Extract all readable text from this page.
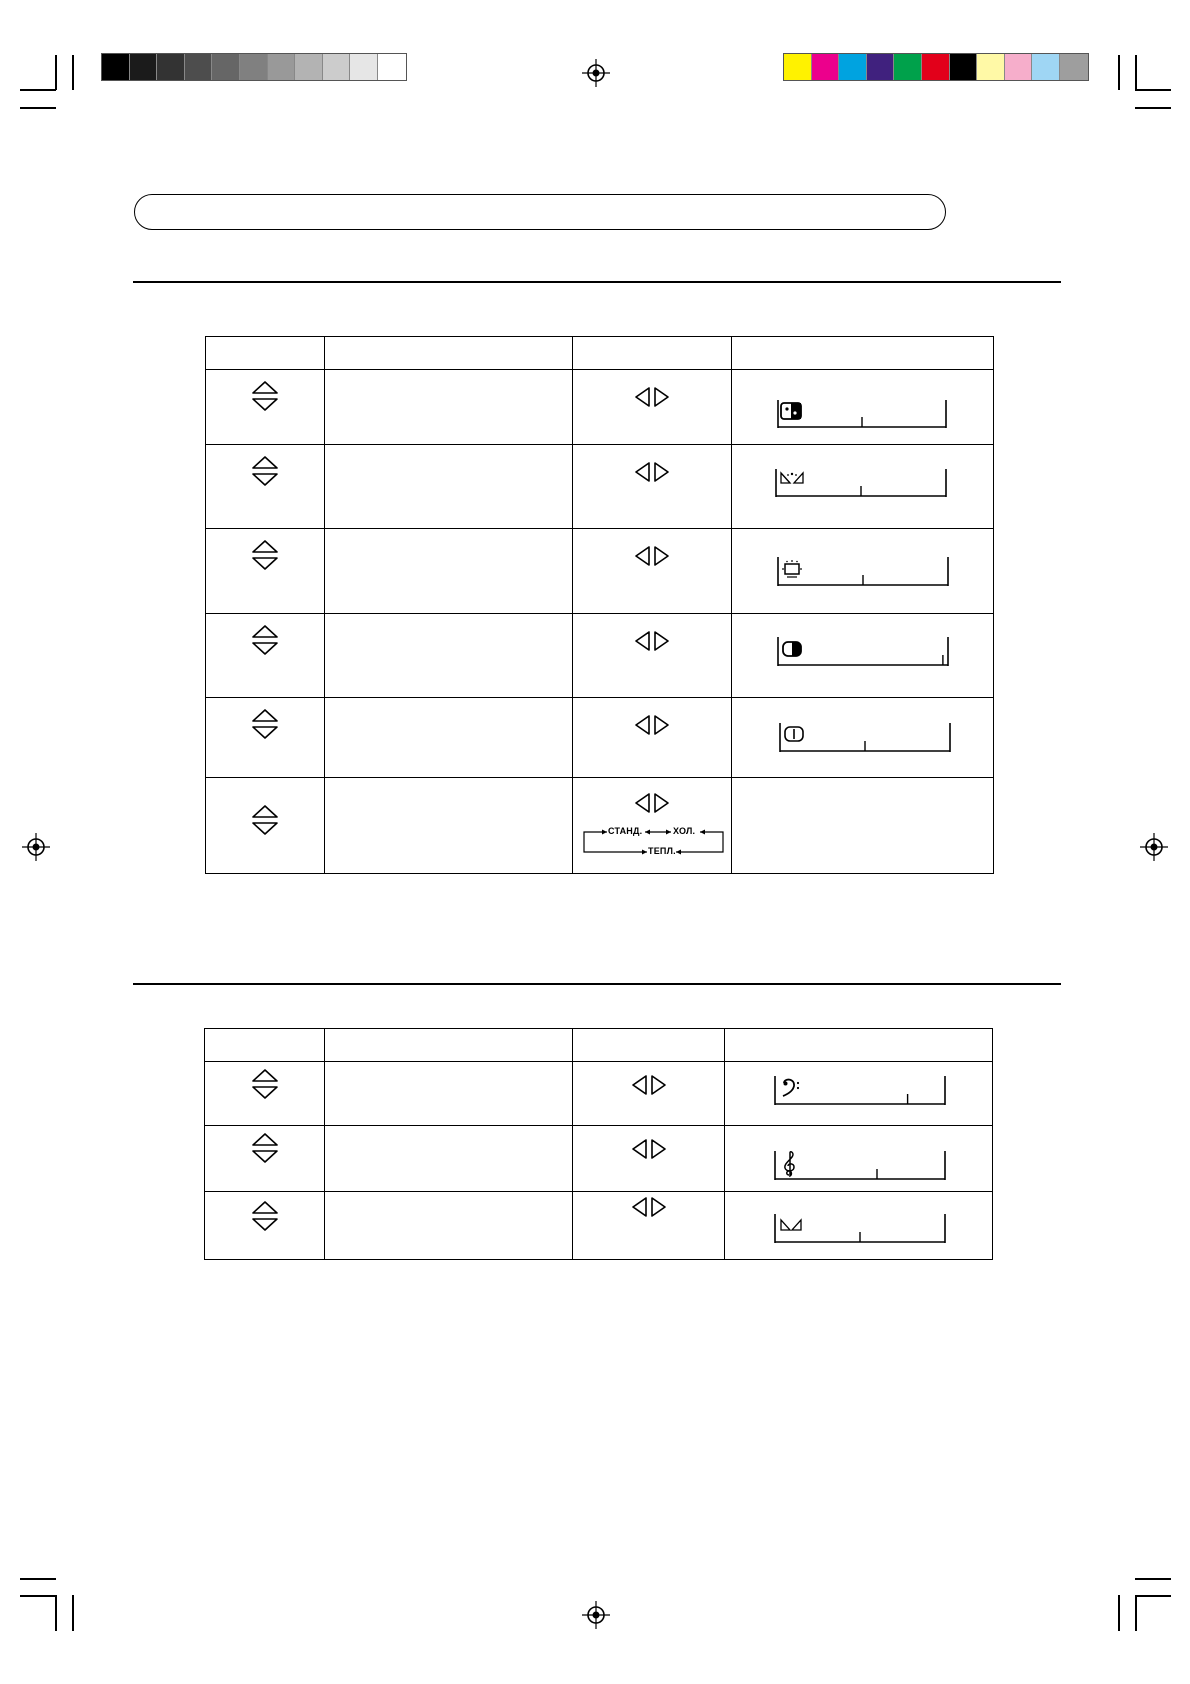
СТАНД. ХОЛ.
ТЕПЛ.	
